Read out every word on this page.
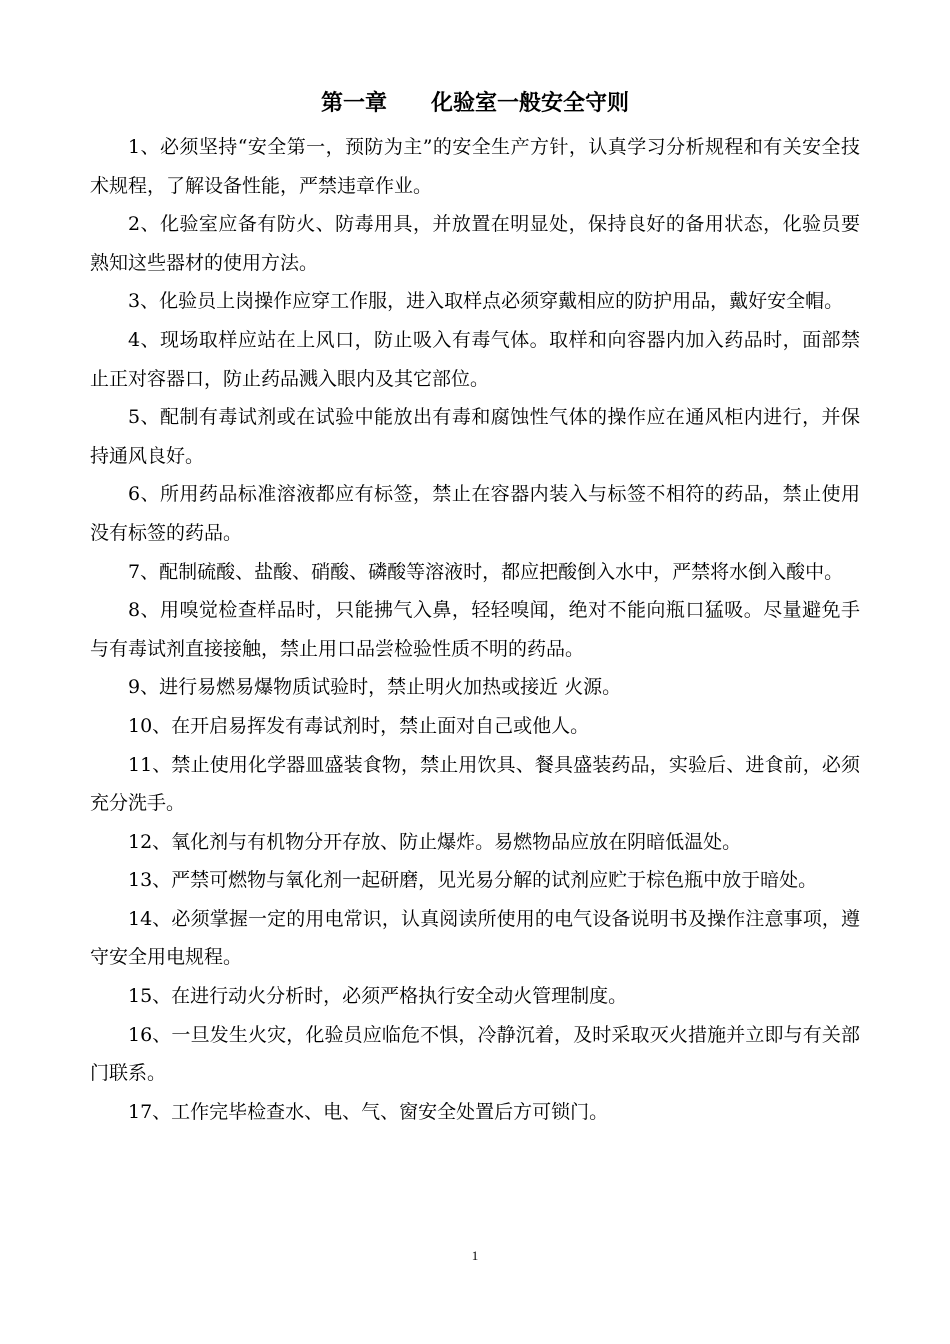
第一章　　化验室一般安全守则

1、必须坚持“安全第一，预防为主”的安全生产方针，认真学习分析规程和有关安全技术规程，了解设备性能，严禁违章作业。

2、化验室应备有防火、防毒用具，并放置在明显处，保持良好的备用状态，化验员要熟知这些器材的使用方法。

3、化验员上岗操作应穿工作服，进入取样点必须穿戴相应的防护用品，戴好安全帽。

4、现场取样应站在上风口，防止吸入有毒气体。取样和向容器内加入药品时，面部禁止正对容器口，防止药品溅入眼内及其它部位。

5、配制有毒试剂或在试验中能放出有毒和腐蚀性气体的操作应在通风柜内进行，并保持通风良好。

6、所用药品标准溶液都应有标签，禁止在容器内装入与标签不相符的药品，禁止使用没有标签的药品。

7、配制硫酸、盐酸、硝酸、磷酸等溶液时，都应把酸倒入水中，严禁将水倒入酸中。

8、用嗅觉检查样品时，只能拂气入鼻，轻轻嗅闻，绝对不能向瓶口猛吸。尽量避免手与有毒试剂直接接触，禁止用口品尝检验性质不明的药品。

9、进行易燃易爆物质试验时，禁止明火加热或接近 火源。

10、在开启易挥发有毒试剂时，禁止面对自己或他人。

11、禁止使用化学器皿盛装食物，禁止用饮具、餐具盛装药品，实验后、进食前，必须充分洗手。

12、氧化剂与有机物分开存放、防止爆炸。易燃物品应放在阴暗低温处。

13、严禁可燃物与氧化剂一起研磨，见光易分解的试剂应贮于棕色瓶中放于暗处。

14、必须掌握一定的用电常识，认真阅读所使用的电气设备说明书及操作注意事项，遵守安全用电规程。

15、在进行动火分析时，必须严格执行安全动火管理制度。

16、一旦发生火灾，化验员应临危不惧，冷静沉着，及时采取灭火措施并立即与有关部门联系。

17、工作完毕检查水、电、气、窗安全处置后方可锁门。

1
